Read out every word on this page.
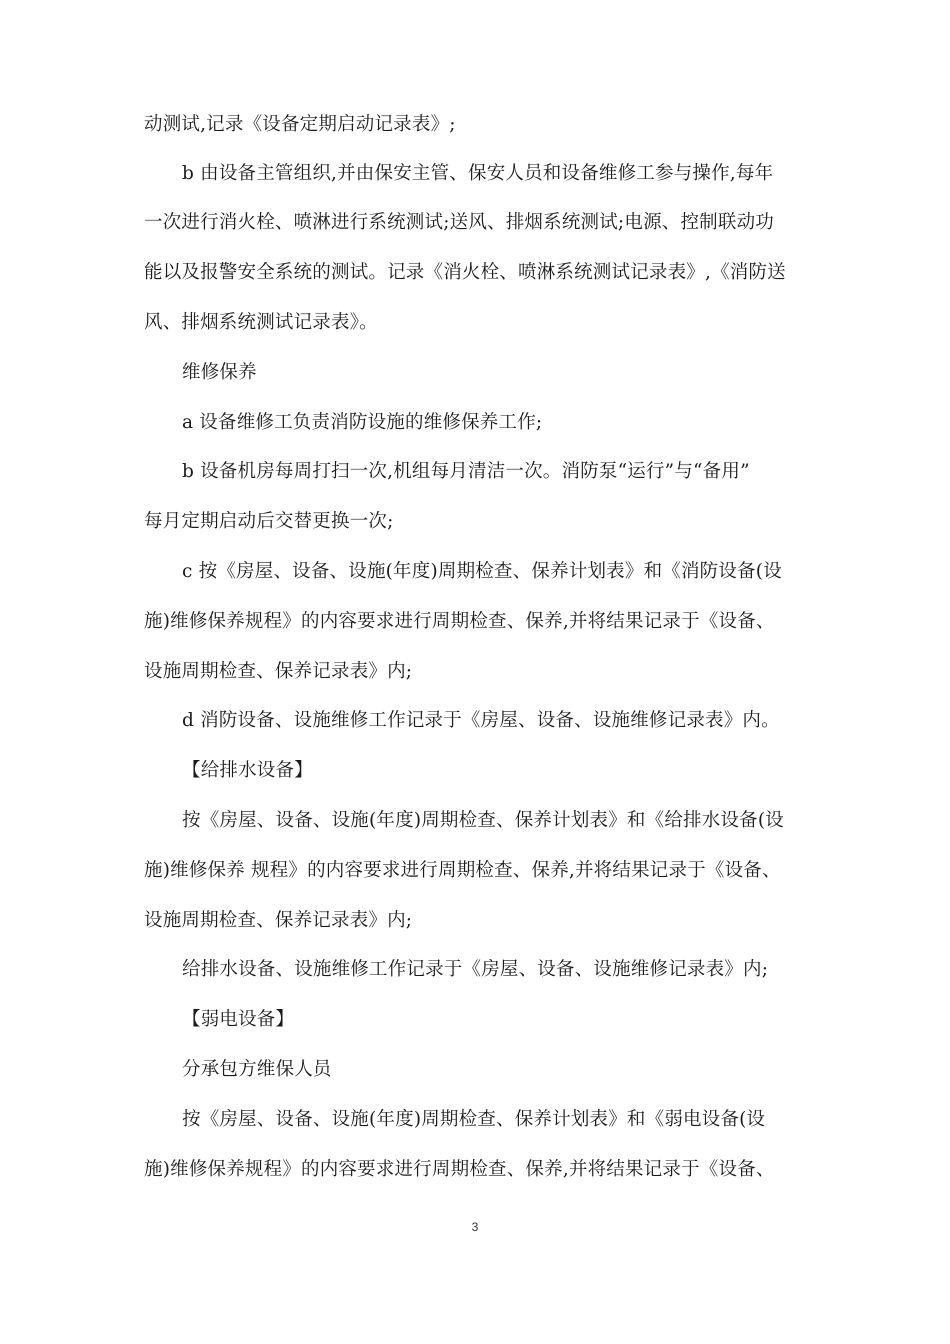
动测试,记录《设备定期启动记录表》;
b 由设备主管组织,并由保安主管、保安人员和设备维修工参与操作,每年
一次进行消火栓、喷淋进行系统测试;送风、排烟系统测试;电源、控制联动功
能以及报警安全系统的测试。记录《消火栓、喷淋系统测试记录表》,《消防送
风、排烟系统测试记录表》。
维修保养
a 设备维修工负责消防设施的维修保养工作;
b 设备机房每周打扫一次,机组每月清洁一次。消防泵“运行”与“备用”
每月定期启动后交替更换一次;
c 按《房屋、设备、设施(年度)周期检查、保养计划表》和《消防设备(设
施)维修保养规程》的内容要求进行周期检查、保养,并将结果记录于《设备、
设施周期检查、保养记录表》内;
d 消防设备、设施维修工作记录于《房屋、设备、设施维修记录表》内。
【给排水设备】
按《房屋、设备、设施(年度)周期检查、保养计划表》和《给排水设备(设
施)维修保养 规程》的内容要求进行周期检查、保养,并将结果记录于《设备、
设施周期检查、保养记录表》内;
给排水设备、设施维修工作记录于《房屋、设备、设施维修记录表》内;
【弱电设备】
分承包方维保人员
按《房屋、设备、设施(年度)周期检查、保养计划表》和《弱电设备(设
施)维修保养规程》的内容要求进行周期检查、保养,并将结果记录于《设备、
3
